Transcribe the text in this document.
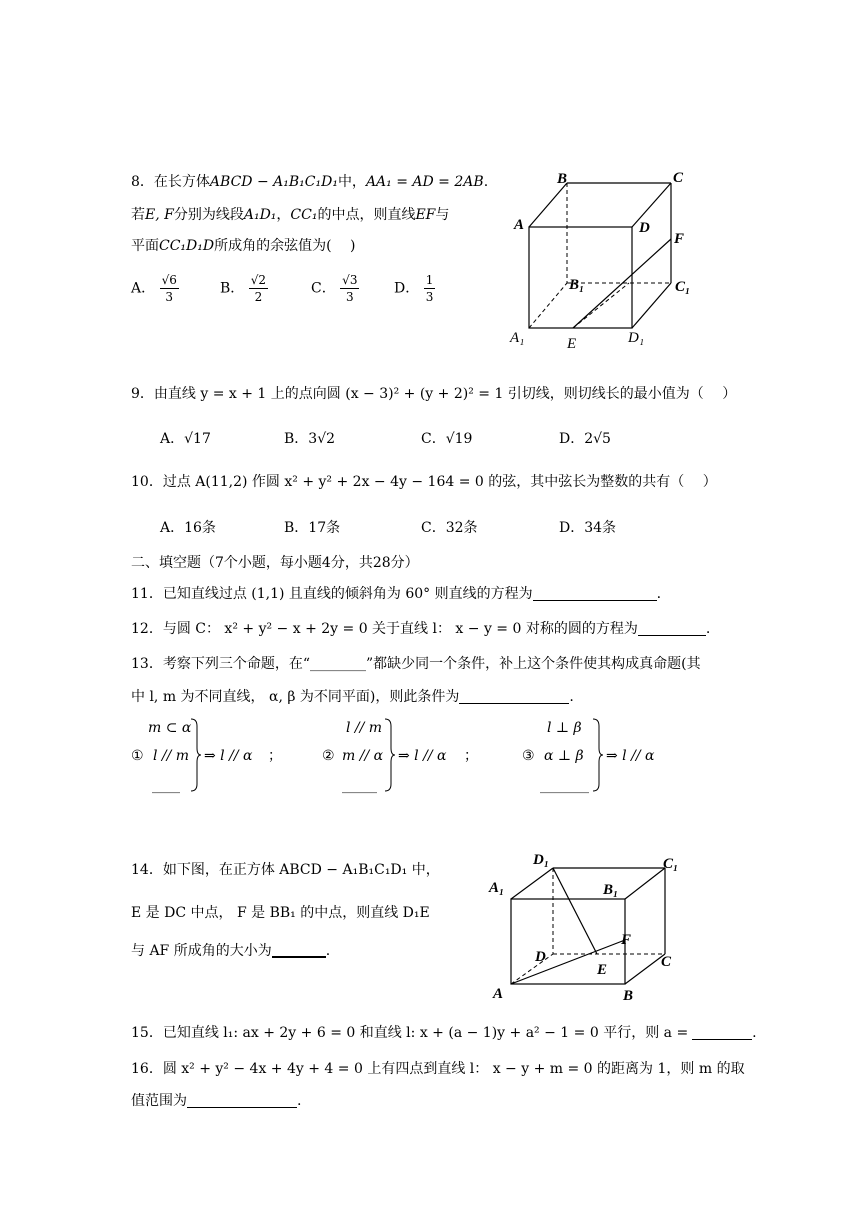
8．在长方体ABCD − A₁B₁C₁D₁中，AA₁ = AD = 2AB.
若E, F分别为线段A₁D₁，CC₁的中点，则直线EF与
平面CC₁D₁D所成角的余弦值为(　 )
A． $\frac{√6}{3}$	B． $\frac{√2}{2}$	C． $\frac{√3}{3}$ D． $\frac{1}{3}$
B	C
A	D
F
B₁	C₁
A₁	E	D₁
9．由直线 y = x + 1 上的点向圆 (x − 3)² + (y + 2)² = 1 引切线，则切线长的最小值为（　 ）
A．√17	B．3√2	C．√19	D．2√5
10．过点 A(11,2) 作圆 x² + y² + 2x − 4y − 164 = 0 的弦，其中弦长为整数的共有（　 ）
A．16条	B．17条	C．32条	D．34条
二、填空题（7个小题，每小题4分，共28分）
11．已知直线过点 (1,1) 且直线的倾斜角为 60° 则直线的方程为	.
12．与圆 C： x² + y² − x + 2y = 0 关于直线 l： x − y = 0 对称的圆的方程为	.
13．考察下列三个命题，在“________”都缺少同一个条件，补上这个条件使其构成真命题(其
中 l, m 为不同直线， α, β 为不同平面)，则此条件为	.
m ⊂ α
① l // m
____
⇒ l // α ；
l // m
② m // α
_____
⇒ l // α ；
l ⊥ β
③ α ⊥ β
_______
⇒ l // α
14．如下图，在正方体 ABCD − A₁B₁C₁D₁ 中，
E 是 DC 中点， F 是 BB₁ 的中点，则直线 D₁E
与 AF 所成角的大小为	.
D₁	C₁
A₁	B₁
F
D	C
E
A	B
15．已知直线 l₁: ax + 2y + 6 = 0 和直线 l: x + (a − 1)y + a² − 1 = 0 平行，则 a =	.
16．圆 x² + y² − 4x + 4y + 4 = 0 上有四点到直线 l： x − y + m = 0 的距离为 1，则 m 的取
值范围为	.
